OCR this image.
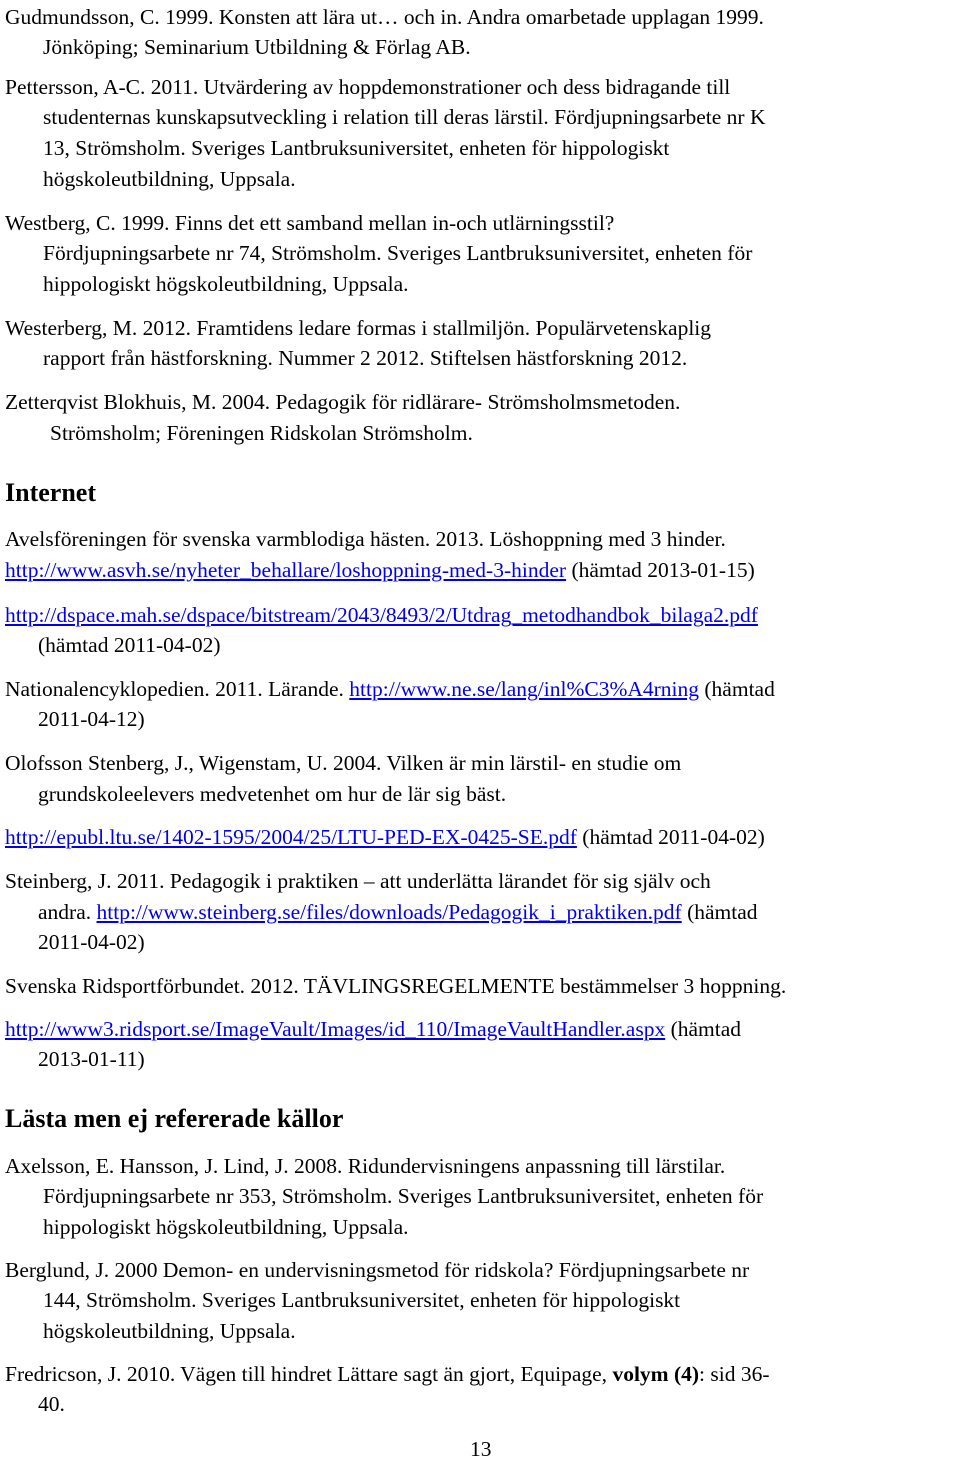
Gudmundsson, C. 1999. Konsten att lära ut… och in. Andra omarbetade upplagan 1999.
Jönköping; Seminarium Utbildning & Förlag AB.
Pettersson, A-C. 2011. Utvärdering av hoppdemonstrationer och dess bidragande till
studenternas kunskapsutveckling i relation till deras lärstil. Fördjupningsarbete nr K
13, Strömsholm. Sveriges Lantbruksuniversitet, enheten för hippologiskt
högskoleutbildning, Uppsala.
Westberg, C. 1999. Finns det ett samband mellan in-och utlärningsstil?
Fördjupningsarbete nr 74, Strömsholm. Sveriges Lantbruksuniversitet, enheten för
hippologiskt högskoleutbildning, Uppsala.
Westerberg, M. 2012. Framtidens ledare formas i stallmiljön. Populärvetenskaplig
rapport från hästforskning. Nummer 2 2012. Stiftelsen hästforskning 2012.
Zetterqvist Blokhuis, M. 2004. Pedagogik för ridlärare- Strömsholmsmetoden.
Strömsholm; Föreningen Ridskolan Strömsholm.
Internet
Avelsföreningen för svenska varmblodiga hästen. 2013. Löshoppning med 3 hinder.
http://www.asvh.se/nyheter_behallare/loshoppning-med-3-hinder (hämtad 2013-01-15)
http://dspace.mah.se/dspace/bitstream/2043/8493/2/Utdrag_metodhandbok_bilaga2.pdf
(hämtad 2011-04-02)
Nationalencyklopedien. 2011. Lärande. http://www.ne.se/lang/inl%C3%A4rning (hämtad
2011-04-12)
Olofsson Stenberg, J., Wigenstam, U. 2004. Vilken är min lärstil- en studie om
grundskoleelevers medvetenhet om hur de lär sig bäst.
http://epubl.ltu.se/1402-1595/2004/25/LTU-PED-EX-0425-SE.pdf (hämtad 2011-04-02)
Steinberg, J. 2011. Pedagogik i praktiken – att underlätta lärandet för sig själv och
andra. http://www.steinberg.se/files/downloads/Pedagogik_i_praktiken.pdf (hämtad
2011-04-02)
Svenska Ridsportförbundet. 2012. TÄVLINGSREGELMENTE bestämmelser 3 hoppning.
http://www3.ridsport.se/ImageVault/Images/id_110/ImageVaultHandler.aspx (hämtad
2013-01-11)
Lästa men ej refererade källor
Axelsson, E. Hansson, J. Lind, J. 2008. Ridundervisningens anpassning till lärstilar.
Fördjupningsarbete nr 353, Strömsholm. Sveriges Lantbruksuniversitet, enheten för
hippologiskt högskoleutbildning, Uppsala.
Berglund, J. 2000 Demon- en undervisningsmetod för ridskola? Fördjupningsarbete nr
144, Strömsholm. Sveriges Lantbruksuniversitet, enheten för hippologiskt
högskoleutbildning, Uppsala.
Fredricson, J. 2010. Vägen till hindret Lättare sagt än gjort, Equipage, volym (4): sid 36-
40.
13
